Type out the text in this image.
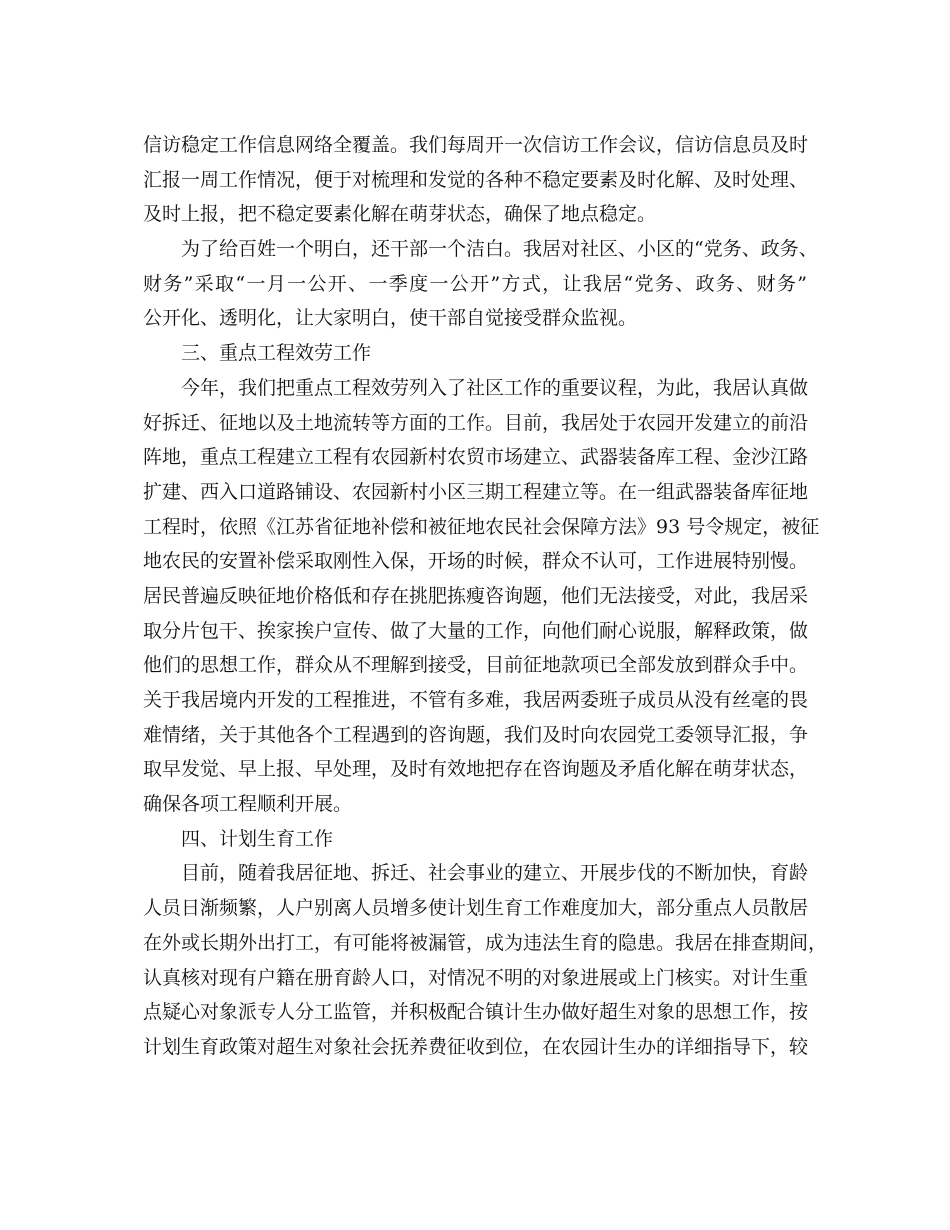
信访稳定工作信息网络全覆盖。我们每周开一次信访工作会议，信访信息员及时
汇报一周工作情况，便于对梳理和发觉的各种不稳定要素及时化解、及时处理、
及时上报，把不稳定要素化解在萌芽状态，确保了地点稳定。
为了给百姓一个明白，还干部一个洁白。我居对社区、小区的“党务、政务、
财务”采取“一月一公开、一季度一公开”方式，让我居“党务、政务、财务”
公开化、透明化，让大家明白，使干部自觉接受群众监视。
三、重点工程效劳工作
今年，我们把重点工程效劳列入了社区工作的重要议程，为此，我居认真做
好拆迁、征地以及土地流转等方面的工作。目前，我居处于农园开发建立的前沿
阵地，重点工程建立工程有农园新村农贸市场建立、武器装备库工程、金沙江路
扩建、西入口道路铺设、农园新村小区三期工程建立等。在一组武器装备库征地
工程时，依照《江苏省征地补偿和被征地农民社会保障方法》93 号令规定，被征
地农民的安置补偿采取刚性入保，开场的时候，群众不认可，工作进展特别慢。
居民普遍反映征地价格低和存在挑肥拣瘦咨询题，他们无法接受，对此，我居采
取分片包干、挨家挨户宣传、做了大量的工作，向他们耐心说服，解释政策，做
他们的思想工作，群众从不理解到接受，目前征地款项已全部发放到群众手中。
关于我居境内开发的工程推进，不管有多难，我居两委班子成员从没有丝毫的畏
难情绪，关于其他各个工程遇到的咨询题，我们及时向农园党工委领导汇报，争
取早发觉、早上报、早处理，及时有效地把存在咨询题及矛盾化解在萌芽状态，
确保各项工程顺利开展。
四、计划生育工作
目前，随着我居征地、拆迁、社会事业的建立、开展步伐的不断加快，育龄
人员日渐频繁，人户别离人员增多使计划生育工作难度加大，部分重点人员散居
在外或长期外出打工，有可能将被漏管，成为违法生育的隐患。我居在排查期间，
认真核对现有户籍在册育龄人口，对情况不明的对象进展或上门核实。对计生重
点疑心对象派专人分工监管，并积极配合镇计生办做好超生对象的思想工作，按
计划生育政策对超生对象社会抚养费征收到位，在农园计生办的详细指导下，较
